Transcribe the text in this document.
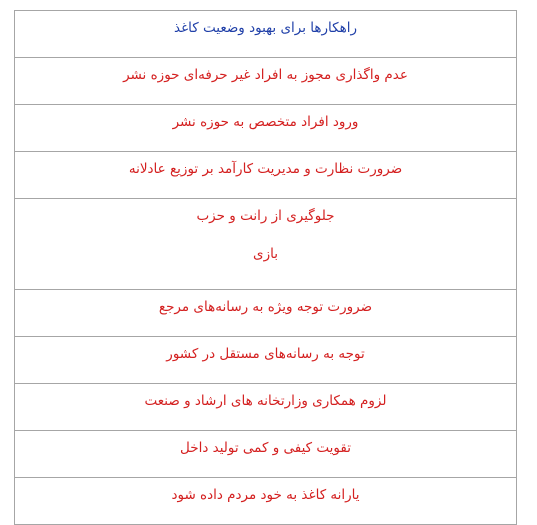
راهکارها برای بهبود وضعیت کاغذ

عدم واگذاری مجوز به افراد غیر حرفه‌ای حوزه نشر

ورود افراد متخصص به حوزه نشر

ضرورت نظارت و مدیریت کارآمد بر توزیع عادلانه

جلوگیری از رانت و حزب
بازی

ضرورت توجه ویژه به رسانه‌های مرجع

توجه به رسانه‌های مستقل در کشور

لزوم همکاری وزارتخانه های ارشاد و صنعت

تقویت کیفی و کمی تولید داخل

یارانه کاغذ به خود مردم داده شود
